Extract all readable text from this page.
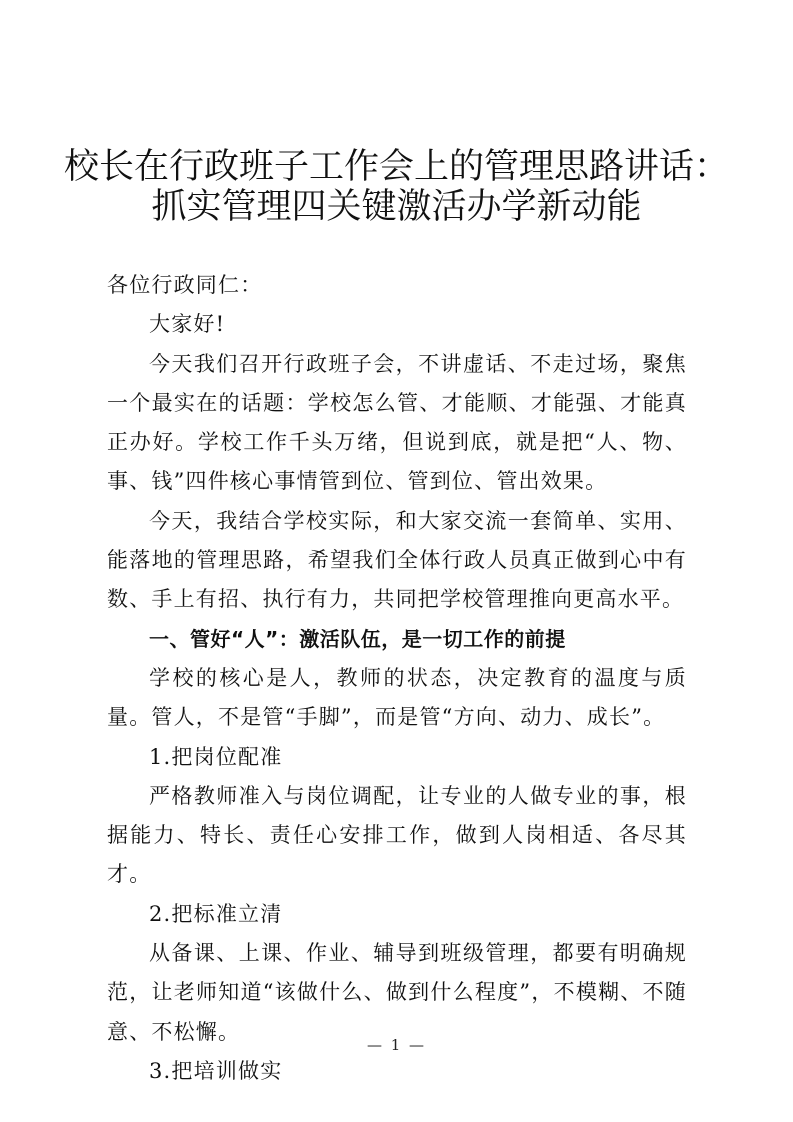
校长在行政班子工作会上的管理思路讲话：
抓实管理四关键激活办学新动能

各位行政同仁：

大家好!

今天我们召开行政班子会，不讲虚话、不走过场，聚焦一个最实在的话题：学校怎么管、才能顺、才能强、才能真正办好。学校工作千头万绪，但说到底，就是把“人、物、事、钱”四件核心事情管到位、管到位、管出效果。

今天，我结合学校实际，和大家交流一套简单、实用、能落地的管理思路，希望我们全体行政人员真正做到心中有数、手上有招、执行有力，共同把学校管理推向更高水平。

一、管好“人”：激活队伍，是一切工作的前提

学校的核心是人，教师的状态，决定教育的温度与质量。管人，不是管“手脚”，而是管“方向、动力、成长”。

1.把岗位配准

严格教师准入与岗位调配，让专业的人做专业的事，根据能力、特长、责任心安排工作，做到人岗相适、各尽其才。

2.把标准立清

从备课、上课、作业、辅导到班级管理，都要有明确规范，让老师知道“该做什么、做到什么程度”，不模糊、不随意、不松懈。

3.把培训做实

— 1 —
